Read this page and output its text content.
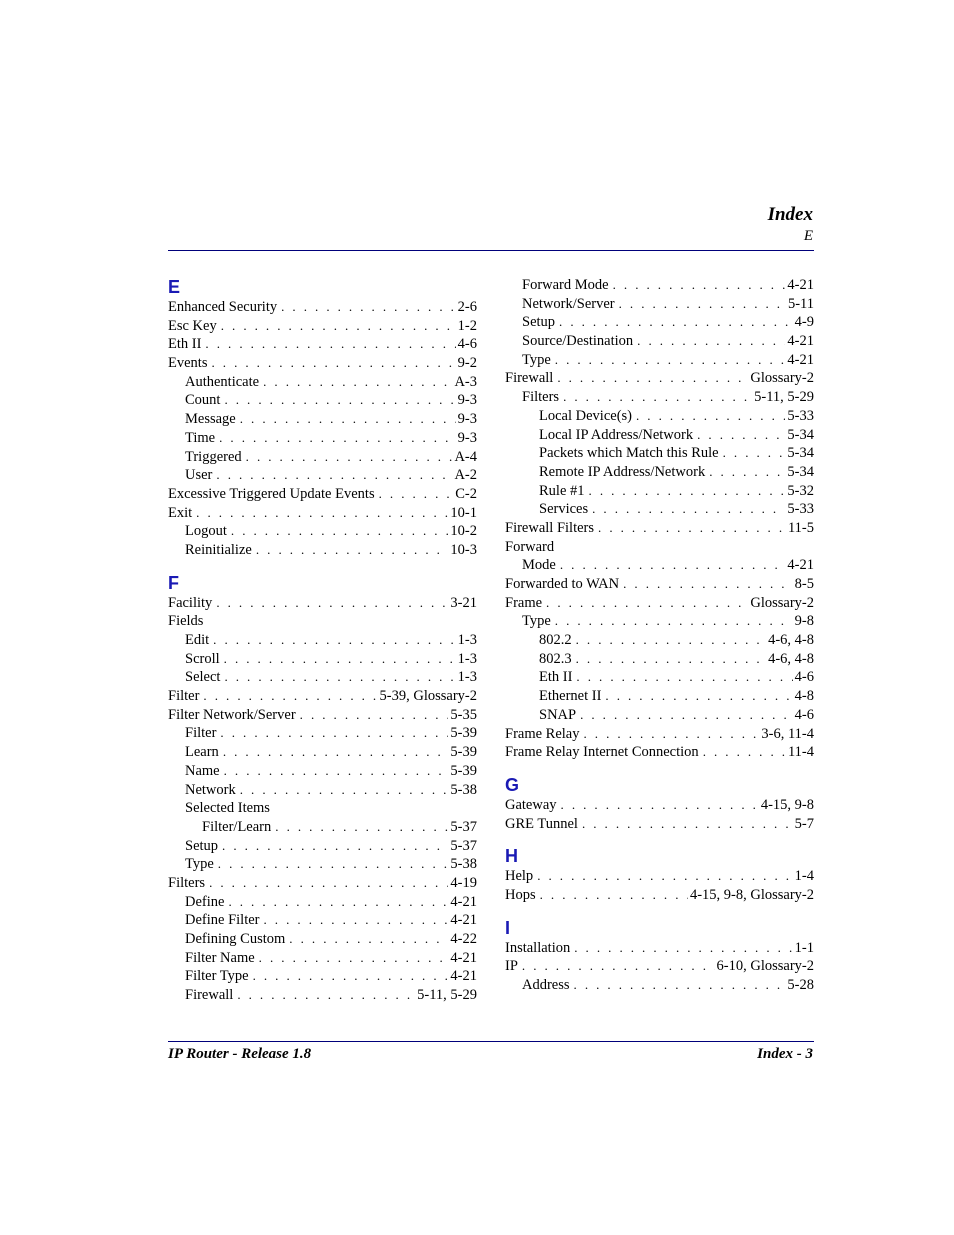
Index
E
E
Enhanced Security . . .	2-6
Esc Key . . .	1-2
Eth II . . .	4-6
Events . . .	9-2
Authenticate . . .	A-3
Count . . .	9-3
Message . . .	9-3
Time . . .	9-3
Triggered . . .	A-4
User . . .	A-2
Excessive Triggered Update Events . . .	C-2
Exit . . .	10-1
Logout . . .	10-2
Reinitialize . . .	10-3
F
Facility . . .	3-21
Fields
Edit . . .	1-3
Scroll . . .	1-3
Select . . .	1-3
Filter . . .	5-39, Glossary-2
Filter Network/Server . . .	5-35
Filter . . .	5-39
Learn . . .	5-39
Name . . .	5-39
Network . . .	5-38
Selected Items
Filter/Learn . . .	5-37
Setup . . .	5-37
Type . . .	5-38
Filters . . .	4-19
Define . . .	4-21
Define Filter . . .	4-21
Defining Custom . . .	4-22
Filter Name . . .	4-21
Filter Type . . .	4-21
Firewall . . .	5-11, 5-29
Forward Mode . . .	4-21
Network/Server . . .	5-11
Setup . . .	4-9
Source/Destination . . .	4-21
Type . . .	4-21
Firewall . . .	Glossary-2
Filters . . .	5-11, 5-29
Local Device(s) . . .	5-33
Local IP Address/Network . . .	5-34
Packets which Match this Rule . . .	5-34
Remote IP Address/Network . . .	5-34
Rule #1 . . .	5-32
Services . . .	5-33
Firewall Filters . . .	11-5
Forward
Mode . . .	4-21
Forwarded to WAN . . .	8-5
Frame . . .	Glossary-2
Type . . .	9-8
802.2 . . .	4-6, 4-8
802.3 . . .	4-6, 4-8
Eth II . . .	4-6
Ethernet II . . .	4-8
SNAP . . .	4-6
Frame Relay . . .	3-6, 11-4
Frame Relay Internet Connection . . .	11-4
G
Gateway . . .	4-15, 9-8
GRE Tunnel . . .	5-7
H
Help . . .	1-4
Hops . . .	4-15, 9-8, Glossary-2
I
Installation . . .	1-1
IP . . .	6-10, Glossary-2
Address . . .	5-28
IP Router - Release 1.8	Index - 3
